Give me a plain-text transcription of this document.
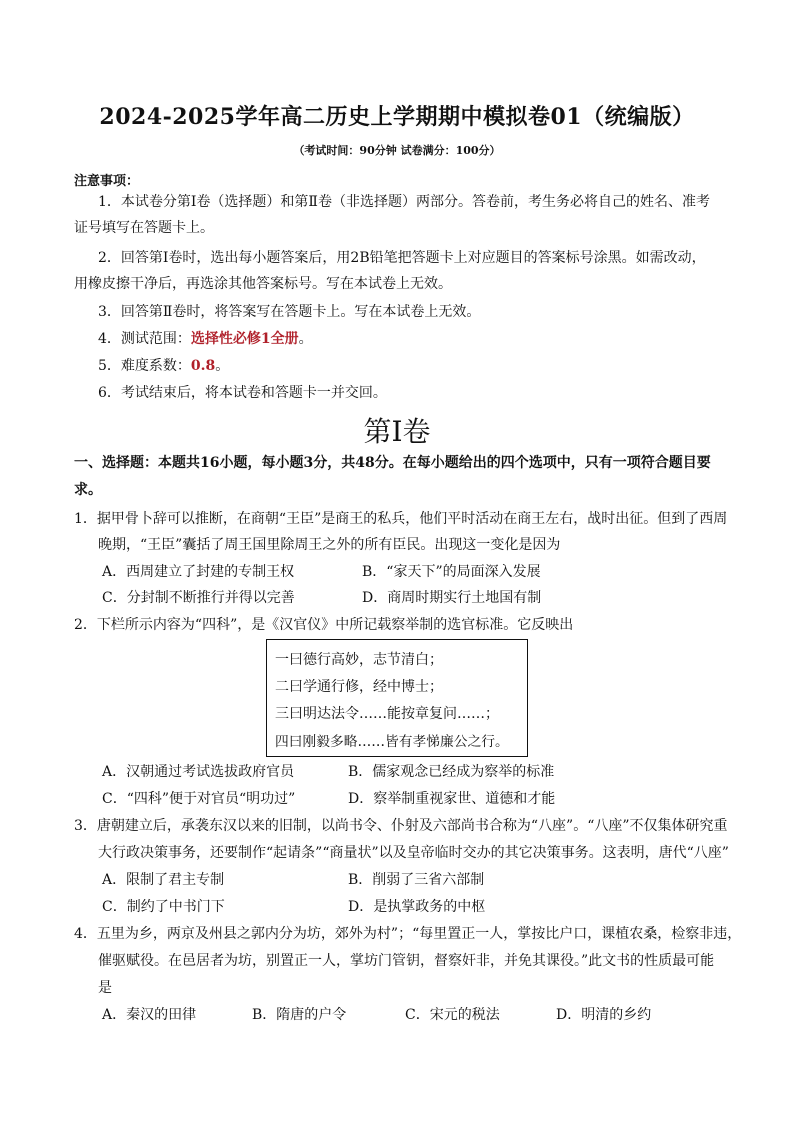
2024-2025学年高二历史上学期期中模拟卷01（统编版）
（考试时间：90分钟 试卷满分：100分）
注意事项：
1．本试卷分第Ⅰ卷（选择题）和第Ⅱ卷（非选择题）两部分。答卷前，考生务必将自己的姓名、准考
证号填写在答题卡上。
2．回答第Ⅰ卷时，选出每小题答案后，用2B铅笔把答题卡上对应题目的答案标号涂黑。如需改动，
用橡皮擦干净后，再选涂其他答案标号。写在本试卷上无效。
3．回答第Ⅱ卷时，将答案写在答题卡上。写在本试卷上无效。
4．测试范围：选择性必修1全册。
5．难度系数：0.8。
6．考试结束后，将本试卷和答题卡一并交回。
第Ⅰ卷
一、选择题：本题共16小题，每小题3分，共48分。在每小题给出的四个选项中，只有一项符合题目要
求。
1．据甲骨卜辞可以推断，在商朝“王臣”是商王的私兵，他们平时活动在商王左右，战时出征。但到了西周
晚期，“王臣”囊括了周王国里除周王之外的所有臣民。出现这一变化是因为
A．西周建立了封建的专制王权	B．“家天下”的局面深入发展
C．分封制不断推行并得以完善	D．商周时期实行土地国有制
2．下栏所示内容为“四科”，是《汉官仪》中所记载察举制的选官标准。它反映出
一曰德行高妙，志节清白；
二曰学通行修，经中博士；
三曰明达法令……能按章复问……；
四曰刚毅多略……皆有孝悌廉公之行。
A．汉朝通过考试选拔政府官员	B．儒家观念已经成为察举的标准
C．“四科”便于对官员“明功过”	D．察举制重视家世、道德和才能
3．唐朝建立后，承袭东汉以来的旧制，以尚书令、仆射及六部尚书合称为“八座”。“八座”不仅集体研究重
大行政决策事务，还要制作“起请条”“商量状”以及皇帝临时交办的其它决策事务。这表明，唐代“八座”
A．限制了君主专制	B．削弱了三省六部制
C．制约了中书门下	D．是执掌政务的中枢
4．五里为乡，两京及州县之郭内分为坊，郊外为村”；“每里置正一人，掌按比户口，课植农桑，检察非违，
催驱赋役。在邑居者为坊，别置正一人，掌坊门管钥，督察奸非，并免其课役。”此文书的性质最可能
是
A．秦汉的田律	B．隋唐的户令	C．宋元的税法	D．明清的乡约
